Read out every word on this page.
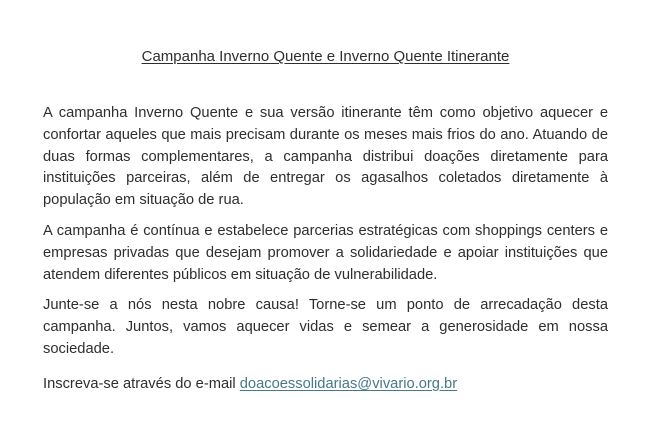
Campanha Inverno Quente e Inverno Quente Itinerante

A campanha Inverno Quente e sua versão itinerante têm como objetivo aquecer e confortar aqueles que mais precisam durante os meses mais frios do ano. Atuando de duas formas complementares, a campanha distribui doações diretamente para instituições parceiras, além de entregar os agasalhos coletados diretamente à população em situação de rua.

A campanha é contínua e estabelece parcerias estratégicas com shoppings centers e empresas privadas que desejam promover a solidariedade e apoiar instituições que atendem diferentes públicos em situação de vulnerabilidade.

Junte-se a nós nesta nobre causa! Torne-se um ponto de arrecadação desta campanha. Juntos, vamos aquecer vidas e semear a generosidade em nossa sociedade.

Inscreva-se através do e-mail doacoessolidarias@vivario.org.br
